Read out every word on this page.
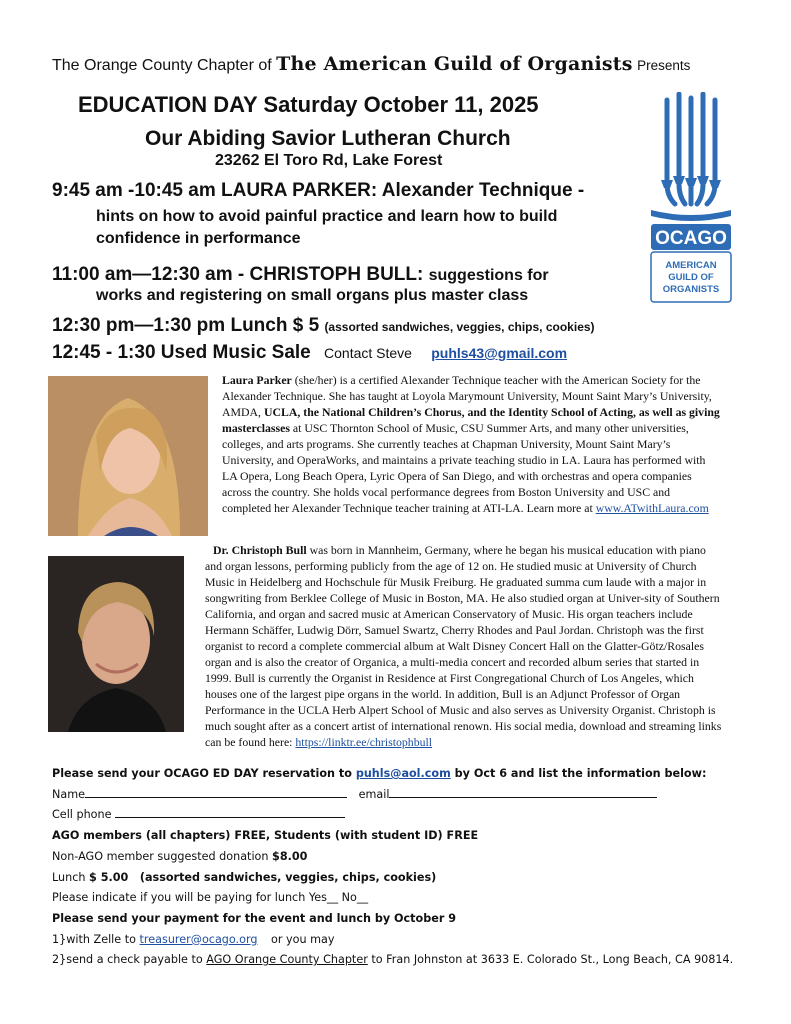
The Orange County Chapter of The American Guild of Organists Presents
EDUCATION DAY Saturday October 11, 2025
Our Abiding Savior Lutheran Church
23262 El Toro Rd, Lake Forest
OCAGO
AMERICAN
GUILD OF
ORGANISTS
9:45 am -10:45 am LAURA PARKER: Alexander Technique -
hints on how to avoid painful practice and learn how to build confidence in performance
11:00 am—12:30 am - CHRISTOPH BULL: suggestions for
works and registering on small organs plus master class
12:30 pm—1:30 pm Lunch $ 5 (assorted sandwiches, veggies, chips, cookies)
12:45 - 1:30 Used Music Sale Contact Steve puhls43@gmail.com
Laura Parker (she/her) is a certified Alexander Technique teacher with the American Society for the Alexander Technique. She has taught at Loyola Marymount University, Mount Saint Mary’s University, AMDA, UCLA, the National Children’s Chorus, and the Identity School of Acting, as well as giving masterclasses at USC Thornton School of Music, CSU Summer Arts, and many other universities, colleges, and arts programs. She currently teaches at Chapman University, Mount Saint Mary’s University, and OperaWorks, and maintains a private teaching studio in LA. Laura has performed with LA Opera, Long Beach Opera, Lyric Opera of San Diego, and with orchestras and opera companies across the country. She holds vocal performance degrees from Boston University and USC and completed her Alexander Technique teacher training at ATI-LA. Learn more at www.ATwithLaura.com
Dr. Christoph Bull was born in Mannheim, Germany, where he began his musical education with piano and organ lessons, performing publicly from the age of 12 on. He studied music at University of Church Music in Heidelberg and Hochschule für Musik Freiburg. He graduated summa cum laude with a major in songwriting from Berklee College of Music in Boston, MA. He also studied organ at Univer-sity of Southern California, and organ and sacred music at American Conservatory of Music. His organ teachers include Hermann Schäffer, Ludwig Dörr, Samuel Swartz, Cherry Rhodes and Paul Jordan. Christoph was the first organist to record a complete commercial album at Walt Disney Concert Hall on the Glatter-Götz/Rosales organ and is also the creator of Organica, a multi-media concert and recorded album series that started in 1999. Bull is currently the Organist in Residence at First Congregational Church of Los Angeles, which houses one of the largest pipe organs in the world. In addition, Bull is an Adjunct Professor of Organ Performance in the UCLA Herb Alpert School of Music and also serves as University Organist. Christoph is much sought after as a concert artist of international renown. His social media, download and streaming links can be found here: https://linktr.ee/christophbull
Please send your OCAGO ED DAY reservation to puhls@aol.com by Oct 6 and list the information below:
Name	email
Cell phone
AGO members (all chapters) FREE, Students (with student ID) FREE
Non-AGO member suggested donation $8.00
Lunch $ 5.00 (assorted sandwiches, veggies, chips, cookies)
Please indicate if you will be paying for lunch Yes__ No__
Please send your payment for the event and lunch by October 9
1}with Zelle to treasurer@ocago.org or you may
2}send a check payable to AGO Orange County Chapter to Fran Johnston at 3633 E. Colorado St., Long Beach, CA 90814.
